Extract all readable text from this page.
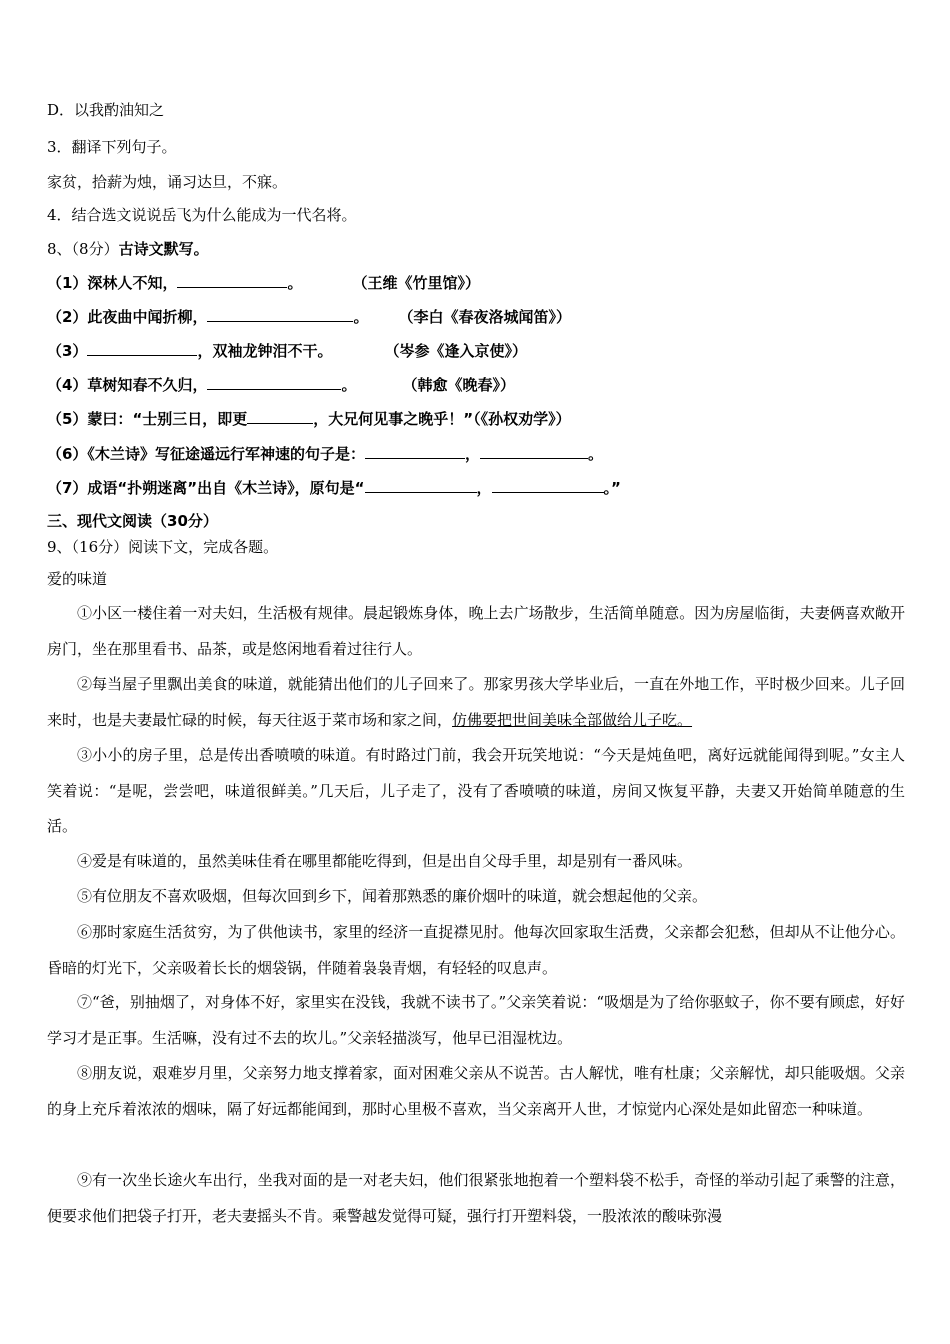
D．以我酌油知之
3．翻译下列句子。
家贫，拾薪为烛，诵习达旦，不寐。
4．结合选文说说岳飞为什么能成为一代名将。
8、（8分）古诗文默写。
（1）深林人不知，	。	（王维《竹里馆》）
（2）此夜曲中闻折柳，	。 （李白《春夜洛城闻笛》）
（3）	，双袖龙钟泪不干。	（岑参《逢入京使》）
（4）草树知春不久归，	。	（韩愈《晚春》）
（5）蒙曰：“士别三日，即更	，大兄何见事之晚乎！”（《孙权劝学》）
（6）《木兰诗》写征途遥远行军神速的句子是：	，	。
（7）成语“扑朔迷离”出自《木兰诗》，原句是“	，	。”
三、现代文阅读（30分）
9、（16分）阅读下文，完成各题。
爱的味道
①小区一楼住着一对夫妇，生活极有规律。晨起锻炼身体，晚上去广场散步，生活简单随意。因为房屋临街，夫妻俩喜欢敞开房门，坐在那里看书、品茶，或是悠闲地看着过往行人。
②每当屋子里飘出美食的味道，就能猜出他们的儿子回来了。那家男孩大学毕业后，一直在外地工作，平时极少回来。儿子回来时，也是夫妻最忙碌的时候，每天往返于菜市场和家之间，仿佛要把世间美味全部做给儿子吃。
③小小的房子里，总是传出香喷喷的味道。有时路过门前，我会开玩笑地说：“今天是炖鱼吧，离好远就能闻得到呢。”女主人笑着说：“是呢，尝尝吧，味道很鲜美。”几天后，儿子走了，没有了香喷喷的味道，房间又恢复平静，夫妻又开始简单随意的生活。
④爱是有味道的，虽然美味佳肴在哪里都能吃得到，但是出自父母手里，却是别有一番风味。
⑤有位朋友不喜欢吸烟，但每次回到乡下，闻着那熟悉的廉价烟叶的味道，就会想起他的父亲。
⑥那时家庭生活贫穷，为了供他读书，家里的经济一直捉襟见肘。他每次回家取生活费，父亲都会犯愁，但却从不让他分心。昏暗的灯光下，父亲吸着长长的烟袋锅，伴随着袅袅青烟，有轻轻的叹息声。
⑦“爸，别抽烟了，对身体不好，家里实在没钱，我就不读书了。”父亲笑着说：“吸烟是为了给你驱蚊子，你不要有顾虑，好好学习才是正事。生活嘛，没有过不去的坎儿。”父亲轻描淡写，他早已泪湿枕边。
⑧朋友说，艰难岁月里，父亲努力地支撑着家，面对困难父亲从不说苦。古人解忧，唯有杜康；父亲解忧，却只能吸烟。父亲的身上充斥着浓浓的烟味，隔了好远都能闻到，那时心里极不喜欢，当父亲离开人世，才惊觉内心深处是如此留恋一种味道。
⑨有一次坐长途火车出行，坐我对面的是一对老夫妇，他们很紧张地抱着一个塑料袋不松手，奇怪的举动引起了乘警的注意，便要求他们把袋子打开，老夫妻摇头不肯。乘警越发觉得可疑，强行打开塑料袋，一股浓浓的酸味弥漫
